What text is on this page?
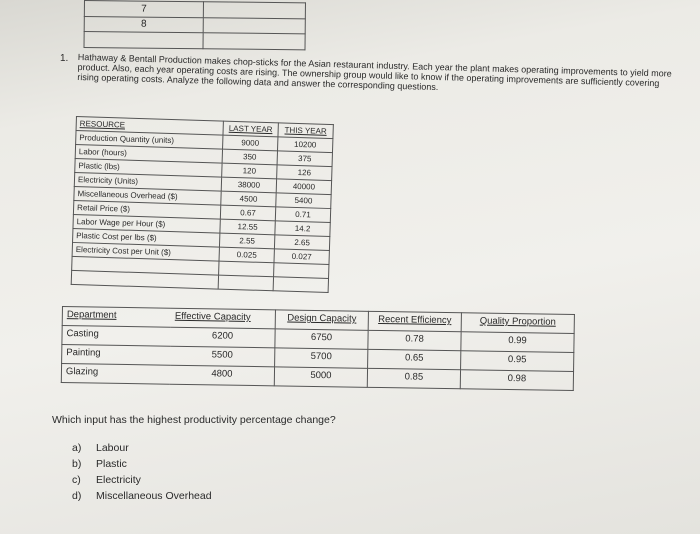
7	
8	

1. Hathaway & Bentall Production makes chop-sticks for the Asian restaurant industry. Each year the plant makes operating improvements to yield more product. Also, each year operating costs are rising. The ownership group would like to know if the operating improvements are sufficiently covering rising operating costs. Analyze the following data and answer the corresponding questions.
RESOURCE	LAST YEAR	THIS YEAR
Production Quantity (units)	9000	10200
Labor (hours)	350	375
Plastic (lbs)	120	126
Electricity (Units)	38000	40000
Miscellaneous Overhead ($)	4500	5400
Retail Price ($)	0.67	0.71
Labor Wage per Hour ($)	12.55	14.2
Plastic Cost per lbs ($)	2.55	2.65
Electricity Cost per Unit ($)	0.025	0.027

Department	Effective Capacity	Design Capacity	Recent Efficiency	Quality Proportion
Casting	6200	6750	0.78	0.99
Painting	5500	5700	0.65	0.95
Glazing	4800	5000	0.85	0.98
Which input has the highest productivity percentage change?
a)	Labour
b)	Plastic
c)	Electricity
d)	Miscellaneous Overhead
